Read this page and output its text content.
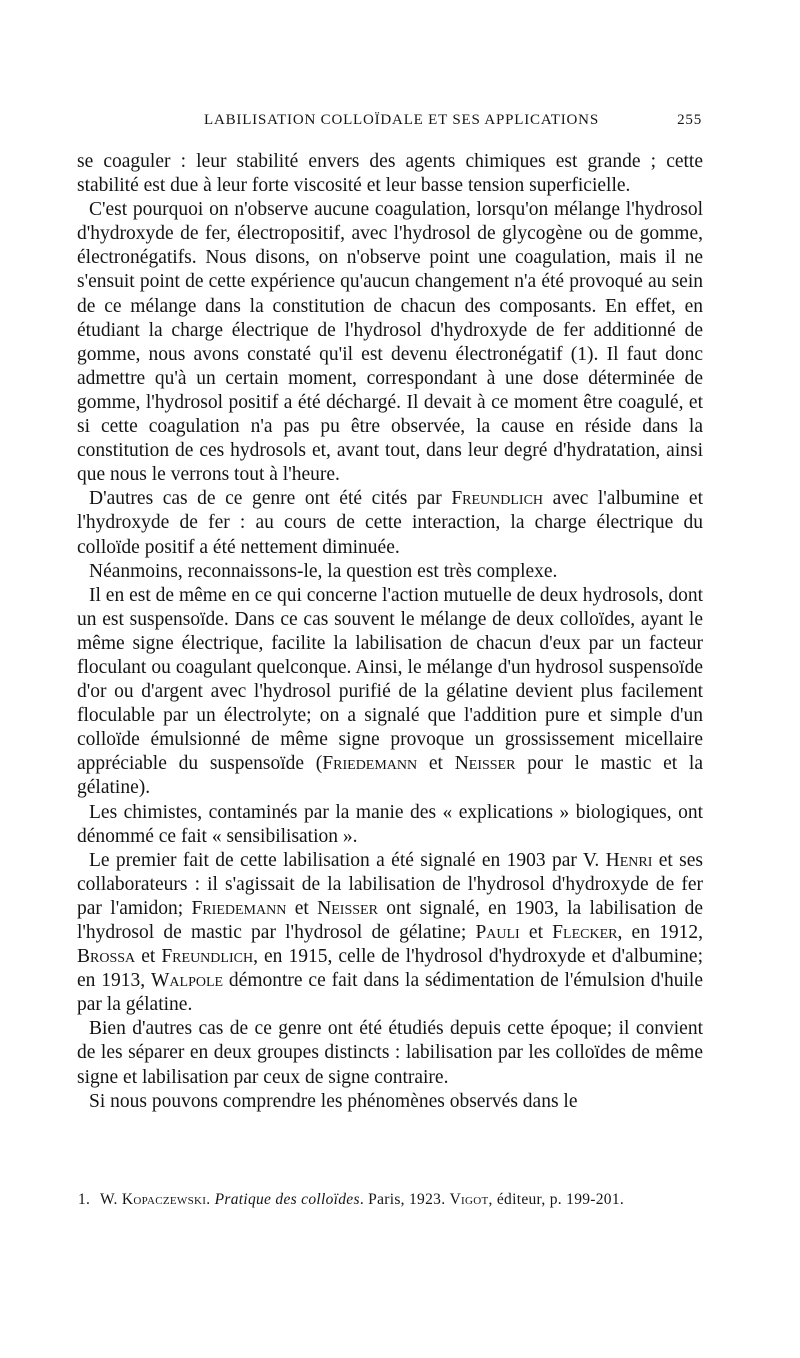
LABILISATION COLLOÏDALE ET SES APPLICATIONS	255

se coaguler : leur stabilité envers des agents chimiques est grande ; cette stabilité est due à leur forte viscosité et leur basse tension superficielle.

C'est pourquoi on n'observe aucune coagulation, lorsqu'on mélange l'hydrosol d'hydroxyde de fer, électropositif, avec l'hydrosol de glycogène ou de gomme, électronégatifs. Nous disons, on n'observe point une coagulation, mais il ne s'ensuit point de cette expérience qu'aucun changement n'a été provoqué au sein de ce mélange dans la constitution de chacun des composants. En effet, en étudiant la charge électrique de l'hydrosol d'hydroxyde de fer additionné de gomme, nous avons constaté qu'il est devenu électronégatif (1). Il faut donc admettre qu'à un certain moment, correspondant à une dose déterminée de gomme, l'hydrosol positif a été déchargé. Il devait à ce moment être coagulé, et si cette coagulation n'a pas pu être observée, la cause en réside dans la constitution de ces hydrosols et, avant tout, dans leur degré d'hydratation, ainsi que nous le verrons tout à l'heure.

D'autres cas de ce genre ont été cités par Freundlich avec l'albumine et l'hydroxyde de fer : au cours de cette interaction, la charge électrique du colloïde positif a été nettement diminuée.

Néanmoins, reconnaissons-le, la question est très complexe.

Il en est de même en ce qui concerne l'action mutuelle de deux hydrosols, dont un est suspensoïde. Dans ce cas souvent le mélange de deux colloïdes, ayant le même signe électrique, facilite la labilisation de chacun d'eux par un facteur floculant ou coagulant quelconque. Ainsi, le mélange d'un hydrosol suspensoïde d'or ou d'argent avec l'hydrosol purifié de la gélatine devient plus facilement floculable par un électrolyte; on a signalé que l'addition pure et simple d'un colloïde émulsionné de même signe provoque un grossissement micellaire appréciable du suspensoïde (Friedemann et Neisser pour le mastic et la gélatine).

Les chimistes, contaminés par la manie des « explications » biologiques, ont dénommé ce fait « sensibilisation ».

Le premier fait de cette labilisation a été signalé en 1903 par V. Henri et ses collaborateurs : il s'agissait de la labilisation de l'hydrosol d'hydroxyde de fer par l'amidon; Friedemann et Neisser ont signalé, en 1903, la labilisation de l'hydrosol de mastic par l'hydrosol de gélatine; Pauli et Flecker, en 1912, Brossa et Freundlich, en 1915, celle de l'hydrosol d'hydroxyde et d'albumine; en 1913, Walpole démontre ce fait dans la sédimentation de l'émulsion d'huile par la gélatine.

Bien d'autres cas de ce genre ont été étudiés depuis cette époque; il convient de les séparer en deux groupes distincts : labilisation par les colloïdes de même signe et labilisation par ceux de signe contraire.

Si nous pouvons comprendre les phénomènes observés dans le

1. W. Kopaczewski. Pratique des colloïdes. Paris, 1923. Vigot, éditeur, p. 199-201.
